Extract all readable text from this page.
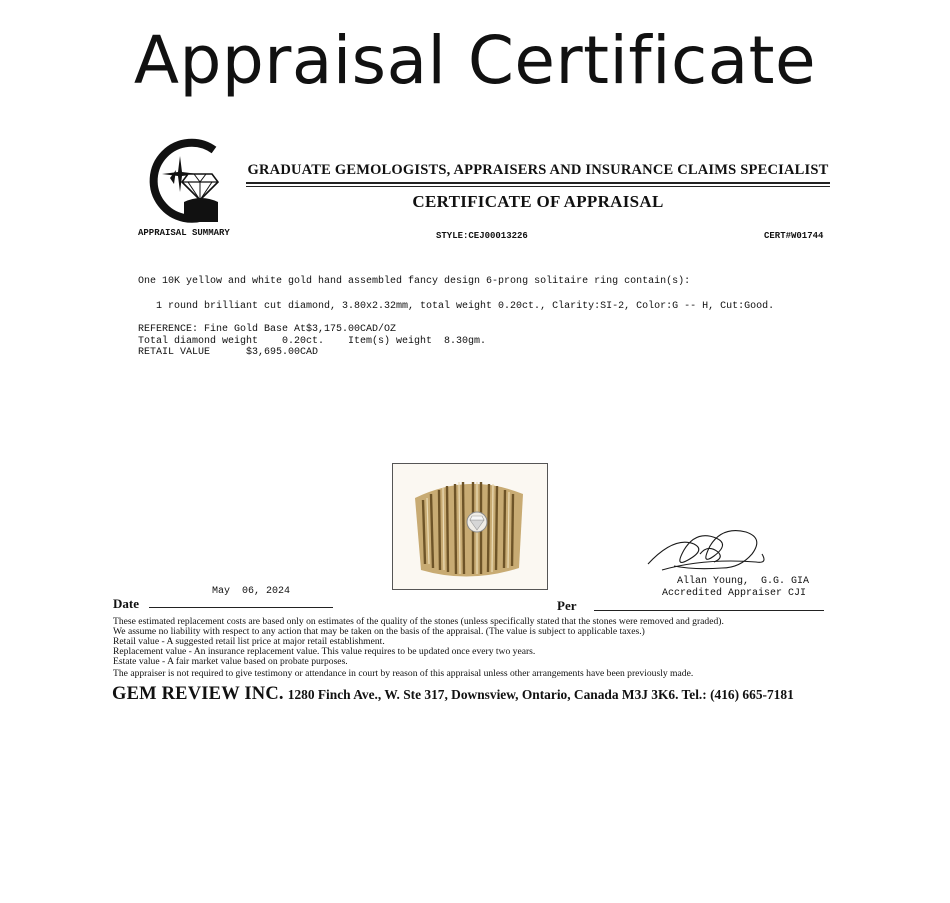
Appraisal Certificate
GRADUATE GEMOLOGISTS, APPRAISERS AND INSURANCE CLAIMS SPECIALIST
CERTIFICATE OF APPRAISAL
APPRAISAL SUMMARY	STYLE:CEJ00013226	CERT#W01744
One 10K yellow and white gold hand assembled fancy design 6-prong solitaire ring contain(s):
1 round brilliant cut diamond, 3.80x2.32mm, total weight 0.20ct., Clarity:SI-2, Color:G -- H, Cut:Good.
REFERENCE: Fine Gold Base At$3,175.00CAD/OZ
Total diamond weight    0.20ct.    Item(s) weight  8.30gm.
RETAIL VALUE      $3,695.00CAD
Allan Young,  G.G. GIA
Accredited Appraiser CJI
May  06, 2024
Date	Per
These estimated replacement costs are based only on estimates of the quality of the stones (unless specifically stated that the stones were removed and graded).
We assume no liability with respect to any action that may be taken on the basis of the appraisal. (The value is subject to applicable taxes.)
Retail value - A suggested retail list price at major retail establishment.
Replacement value - An insurance replacement value. This value requires to be updated once every two years.
Estate value - A fair market value based on probate purposes.
The appraiser is not required to give testimony or attendance in court by reason of this appraisal unless other arrangements have been previously made.
GEM REVIEW INC. 1280 Finch Ave., W. Ste 317, Downsview, Ontario, Canada M3J 3K6. Tel.: (416) 665-7181
